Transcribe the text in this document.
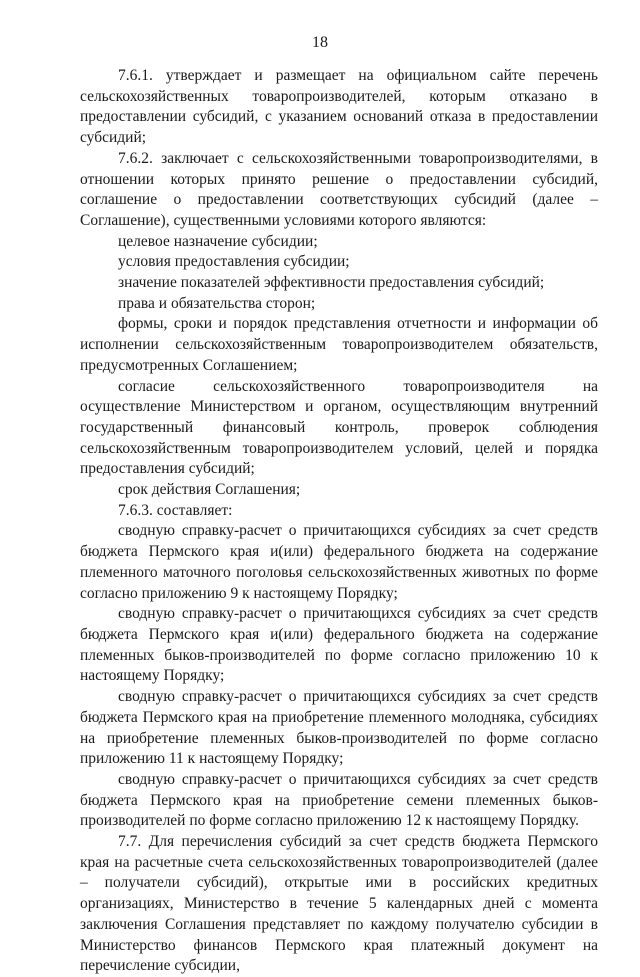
18

7.6.1. утверждает и размещает на официальном сайте перечень сельскохозяйственных товаропроизводителей, которым отказано в предоставлении субсидий, с указанием оснований отказа в предоставлении субсидий;

7.6.2. заключает с сельскохозяйственными товаропроизводителями, в отношении которых принято решение о предоставлении субсидий, соглашение о предоставлении соответствующих субсидий (далее – Соглашение), существенными условиями которого являются:

целевое назначение субсидии;

условия предоставления субсидии;

значение показателей эффективности предоставления субсидий;

права и обязательства сторон;

формы, сроки и порядок представления отчетности и информации об исполнении сельскохозяйственным товаропроизводителем обязательств, предусмотренных Соглашением;

согласие сельскохозяйственного товаропроизводителя на осуществление Министерством и органом, осуществляющим внутренний государственный финансовый контроль, проверок соблюдения сельскохозяйственным товаропроизводителем условий, целей и порядка предоставления субсидий;

срок действия Соглашения;

7.6.3. составляет:

сводную справку-расчет о причитающихся субсидиях за счет средств бюджета Пермского края и(или) федерального бюджета на содержание племенного маточного поголовья сельскохозяйственных животных по форме согласно приложению 9 к настоящему Порядку;

сводную справку-расчет о причитающихся субсидиях за счет средств бюджета Пермского края и(или) федерального бюджета на содержание племенных быков-производителей по форме согласно приложению 10 к настоящему Порядку;

сводную справку-расчет о причитающихся субсидиях за счет средств бюджета Пермского края на приобретение племенного молодняка, субсидиях на приобретение племенных быков-производителей по форме согласно приложению 11 к настоящему Порядку;

сводную справку-расчет о причитающихся субсидиях за счет средств бюджета Пермского края на приобретение семени племенных быков-производителей по форме согласно приложению 12 к настоящему Порядку.

7.7. Для перечисления субсидий за счет средств бюджета Пермского края на расчетные счета сельскохозяйственных товаропроизводителей (далее – получатели субсидий), открытые ими в российских кредитных организациях, Министерство в течение 5 календарных дней с момента заключения Соглашения представляет по каждому получателю субсидии в Министерство финансов Пермского края платежный документ на перечисление субсидии,
